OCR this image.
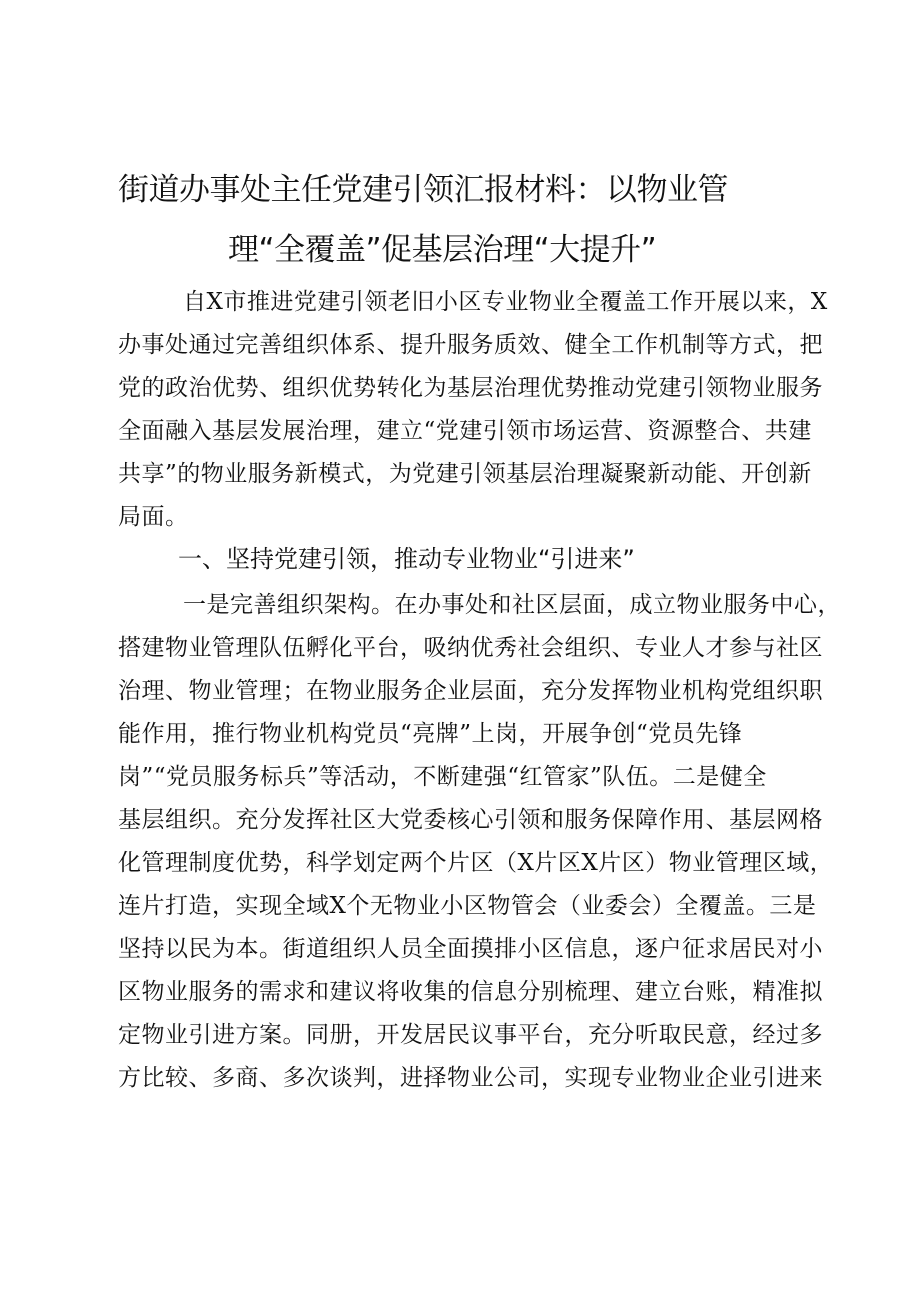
街道办事处主任党建引领汇报材料：以物业管
理“全覆盖”促基层治理“大提升”
自X市推进党建引领老旧小区专业物业全覆盖工作开展以来，X
办事处通过完善组织体系、提升服务质效、健全工作机制等方式，把
党的政治优势、组织优势转化为基层治理优势推动党建引领物业服务
全面融入基层发展治理，建立“党建引领市场运营、资源整合、共建
共享”的物业服务新模式，为党建引领基层治理凝聚新动能、开创新
局面。
一、坚持党建引领，推动专业物业“引进来”
一是完善组织架构。在办事处和社区层面，成立物业服务中心，
搭建物业管理队伍孵化平台，吸纳优秀社会组织、专业人才参与社区
治理、物业管理；在物业服务企业层面，充分发挥物业机构党组织职
能作用，推行物业机构党员“亮牌”上岗，开展争创“党员先锋
岗”“党员服务标兵”等活动，不断建强“红管家”队伍。二是健全
基层组织。充分发挥社区大党委核心引领和服务保障作用、基层网格
化管理制度优势，科学划定两个片区（X片区X片区）物业管理区域，
连片打造，实现全域X个无物业小区物管会（业委会）全覆盖。三是
坚持以民为本。街道组织人员全面摸排小区信息，逐户征求居民对小
区物业服务的需求和建议将收集的信息分别梳理、建立台账，精准拟
定物业引进方案。同册，开发居民议事平台，充分听取民意，经过多
方比较、多商、多次谈判，进择物业公司，实现专业物业企业引进来
